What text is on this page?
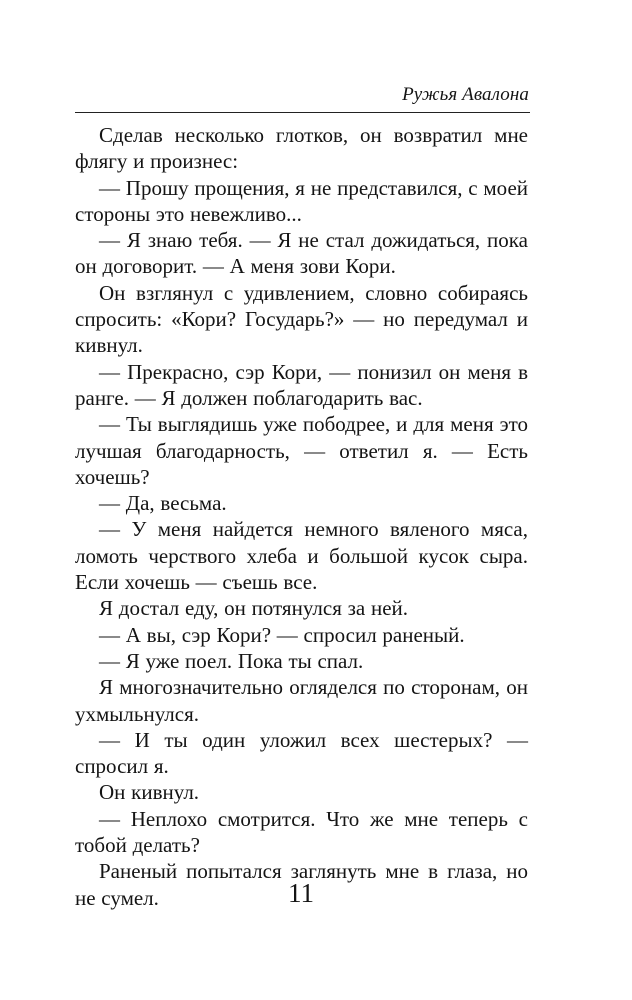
Ружья Авалона

Сделав несколько глотков, он возвратил мне флягу и произнес:

— Прошу прощения, я не представился, с моей стороны это невежливо...

— Я знаю тебя. — Я не стал дожидаться, пока он договорит. — А меня зови Кори.

Он взглянул с удивлением, словно собираясь спросить: «Кори? Государь?» — но передумал и кивнул.

— Прекрасно, сэр Кори, — понизил он меня в ранге. — Я должен поблагодарить вас.

— Ты выглядишь уже пободрее, и для меня это лучшая благодарность, — ответил я. — Есть хочешь?

— Да, весьма.

— У меня найдется немного вяленого мяса, ломоть черствого хлеба и большой кусок сыра. Если хочешь — съешь все.

Я достал еду, он потянулся за ней.

— А вы, сэр Кори? — спросил раненый.

— Я уже поел. Пока ты спал.

Я многозначительно огляделся по сторонам, он ухмыльнулся.

— И ты один уложил всех шестерых? — спросил я.

Он кивнул.

— Неплохо смотрится. Что же мне теперь с тобой делать?

Раненый попытался заглянуть мне в глаза, но не сумел.	11
